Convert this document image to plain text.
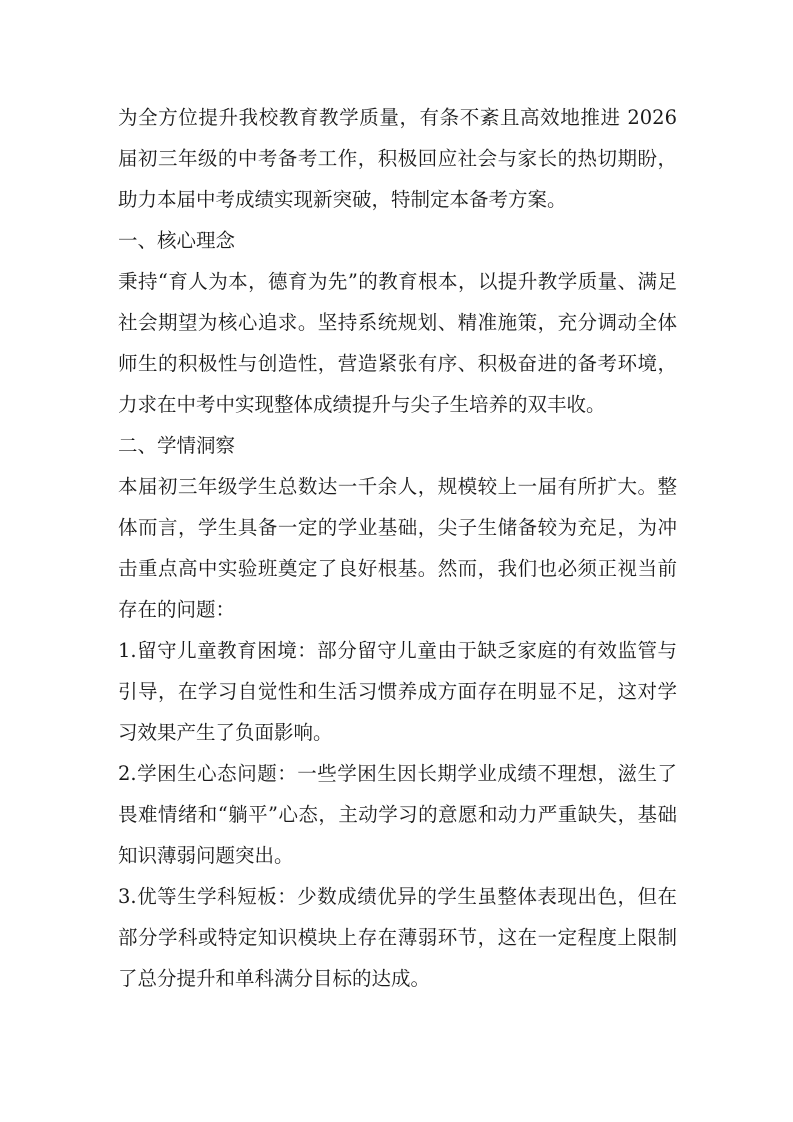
为全方位提升我校教育教学质量，有条不紊且高效地推进 2026
届初三年级的中考备考工作，积极回应社会与家长的热切期盼，
助力本届中考成绩实现新突破，特制定本备考方案。
一、核心理念
秉持“育人为本，德育为先”的教育根本，以提升教学质量、满足
社会期望为核心追求。坚持系统规划、精准施策，充分调动全体
师生的积极性与创造性，营造紧张有序、积极奋进的备考环境，
力求在中考中实现整体成绩提升与尖子生培养的双丰收。
二、学情洞察
本届初三年级学生总数达一千余人，规模较上一届有所扩大。整
体而言，学生具备一定的学业基础，尖子生储备较为充足，为冲
击重点高中实验班奠定了良好根基。然而，我们也必须正视当前
存在的问题：
1.留守儿童教育困境：部分留守儿童由于缺乏家庭的有效监管与
引导，在学习自觉性和生活习惯养成方面存在明显不足，这对学
习效果产生了负面影响。
2.学困生心态问题：一些学困生因长期学业成绩不理想，滋生了
畏难情绪和“躺平”心态，主动学习的意愿和动力严重缺失，基础
知识薄弱问题突出。
3.优等生学科短板：少数成绩优异的学生虽整体表现出色，但在
部分学科或特定知识模块上存在薄弱环节，这在一定程度上限制
了总分提升和单科满分目标的达成。
